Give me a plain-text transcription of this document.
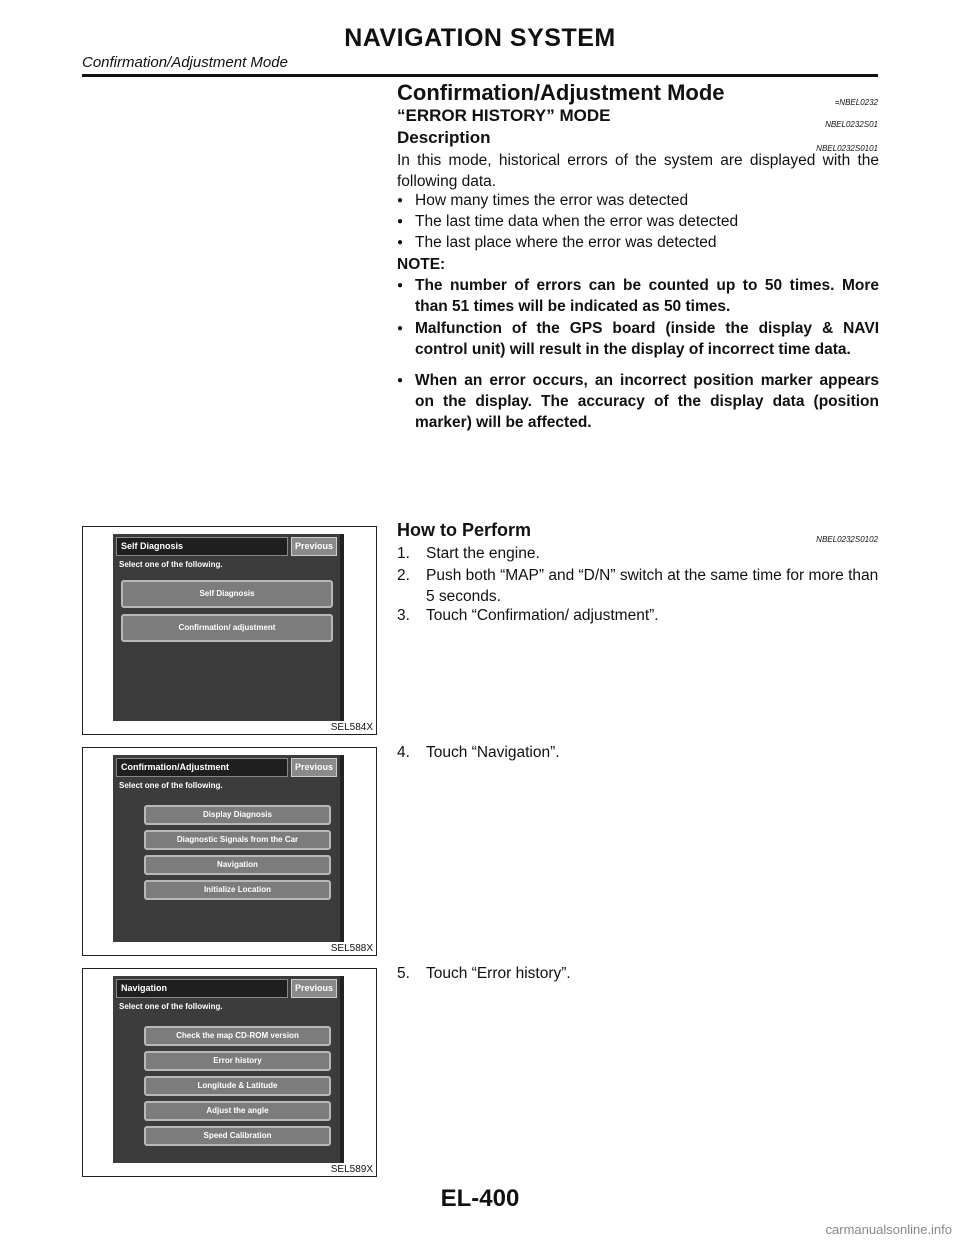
NAVIGATION SYSTEM
Confirmation/Adjustment Mode
Confirmation/Adjustment Mode	=NBEL0232
“ERROR HISTORY” MODE	NBEL0232S01
Description
NBEL0232S0101
In this mode, historical errors of the system are displayed with the following data.
● How many times the error was detected
● The last time data when the error was detected
● The last place where the error was detected
NOTE:
● The number of errors can be counted up to 50 times. More than 51 times will be indicated as 50 times.
● Malfunction of the GPS board (inside the display & NAVI control unit) will result in the display of incorrect time data.
● When an error occurs, an incorrect position marker appears on the display. The accuracy of the display data (position marker) will be affected.
How to Perform	NBEL0232S0102
1. Start the engine.
2. Push both “MAP” and “D/N” switch at the same time for more than 5 seconds.
3. Touch “Confirmation/ adjustment”.
4. Touch “Navigation”.
5. Touch “Error history”.
Self Diagnosis	Previous
Select one of the following.
Self Diagnosis
Confirmation/ adjustment
SEL584X
Confirmation/Adjustment	Previous
Select one of the following.
Display Diagnosis
Diagnostic Signals from the Car
Navigation
Initialize Location
SEL588X
Navigation	Previous
Select one of the following.
Check the map CD-ROM version
Error history
Longitude & Latitude
Adjust the angle
Speed Calibration
SEL589X
EL-400
carmanualsonline.info
